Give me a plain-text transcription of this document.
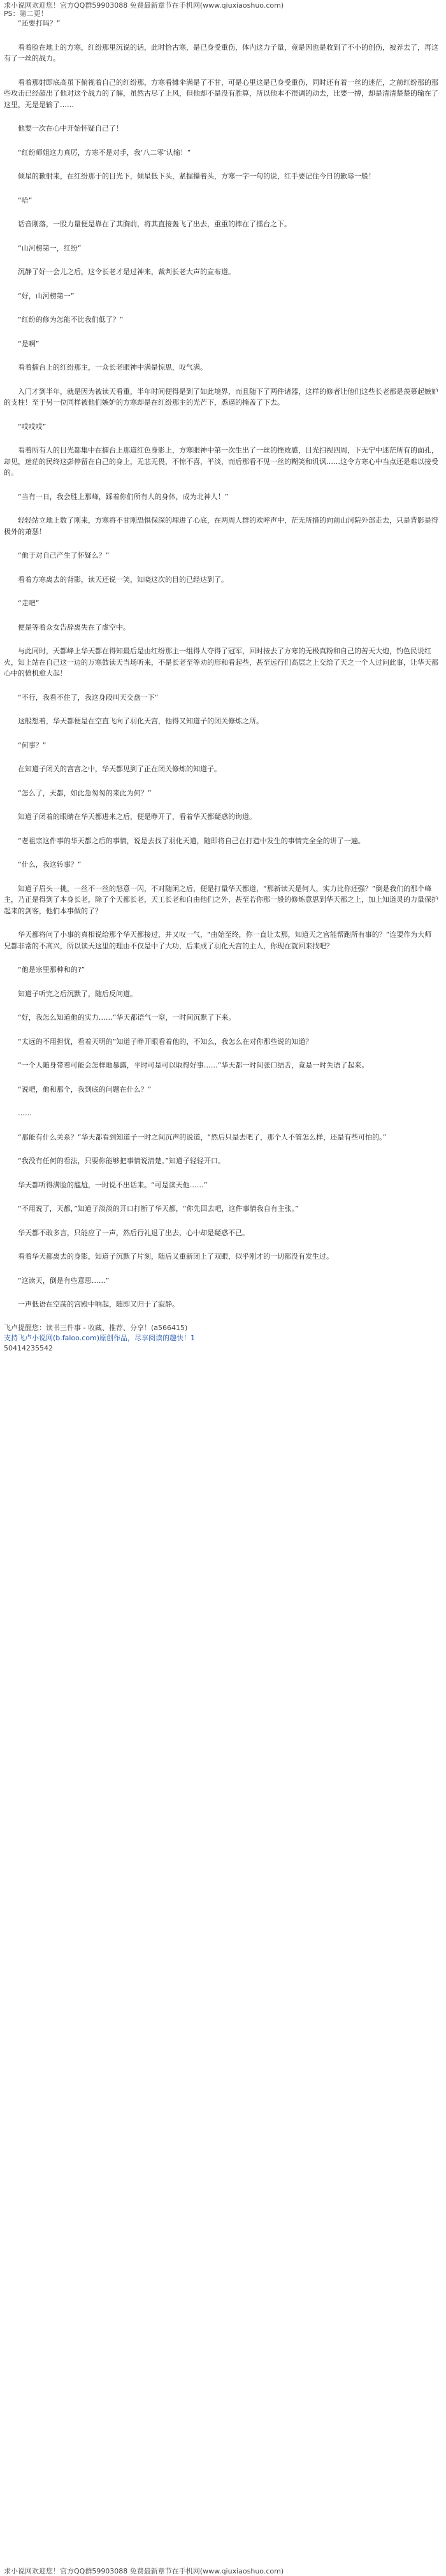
求小说网欢迎您！官方QQ群59903088 免费最新章节在手机网(www.qiuxiaoshuo.com)
PS：第二更！

“还要打吗？”

看着脸在地上的方寒，红纷那里沉说的话，此时恰古寒，是已身受重伤，体内这力子量，竟是因也是收到了不小的创伤，被养去了，再这有了一丝的战力。

看着那射即底高虽下俯视着自己的红纷那，方寒看摊伞满是了不甘，可是心里这是已身受重伤，同时还有着一丝的迷茫，之前红纷那的那些攻击已经超出了他对这个战力的了解，虽然古尽了上风，但他却不是没有胜算，所以他本不很调的动去，比要一搏，却是清清楚楚的输在了这里，无是是输了……

他要一次在心中开始怀疑自己了！

“红纷师姐这力真厉，方寒不是对手，我‘八二零’认输！”

倾星的歉射来，在红纷那于的目光下，倾星低下头，紧握攥着头，方寒一字一句的说，红手要记住今日的歉辱一般！

“哈”

话音刚落，一股力量便是靠在了其胸前，将其直接轰飞了出去，重重的摔在了擂台之下。

“山河榜第一，红纷”

沉静了好一会儿之后，这令长老才是过神来，裁判长老大声的宣布道。

“好，山河榜第一”

“红纷的修为怎能不比我们低了？”

“是啊”

看着擂台上的红纷那主，一众长老眼神中满是惊思，叹气满。

入门才到半年，就是因为被读天看重，半年时间便得是到了如此境界，而且随下了两件诸器，这样的修者让他们这些长老都是羡慕起嫉妒的支柱！至于另一位同样被他们嫉妒的方寒却是在红纷那主的光芒下，悉逼的掩盖了下去。

“哎哎哎”

看着所有人的目光都集中在擂台上那道红色身影上，方寒眼神中第一次生出了一丝的挫败感，目光扫视四周，下无宁中迷茫所有的面孔，却见，迷茫的民终这彭停留在自己的身上，无悲无畏，不惊不喜，平淡，而后那看不见一丝的糊笑和讥讽……这令方寒心中当点还是难以接受的。

“当有一日，我会胜上那峰，踩着你们所有人的身体，成为北神人！”

轻轻站立地上数了刚来，方寒将不甘刚恐惧保深的埋进了心底，在两周人群的欢呼声中，茫无所措的向前山河院外部走去，只是背影是得极外的萧瑟！

“他于对自己产生了怀疑么？”

看着方寒离去的背影，读天还说一笑，知晓这次的目的已经达到了。

“走吧”

便是等着众女告辞离失在了虚空中。

与此同时，天都峰上华天都在得知最后是由红纷那主一组得人夺得了冠军，回时按去了方寒的无极真粉和自己的苦天大炮，钓色民说红火，知上站在自己这一边的万寒鼓读天当场听来，不是长老至等劝的形和看起些，甚至远行们高层之上交给了天之一个人过问此事，让华天都心中的愤机愈大起！

“不行，我看不住了，我这身段叫天交盘一下”

这般想着，华天都便是在空直飞向了羽化天宫，他得又知道子的闭关修炼之所。

“何事？”

在知道子闭关的宫宫之中，华天都见到了正在闭关修炼的知道子。

“怎么了，天都，如此急匆匆的来此为何？”

知道子闭着的眼睛在华天都进来之后，便是睁开了，看着华天都疑惑的询道。

“老祖宗这件事的华天都之后的事情，说是去找了羽化天道，随即将自己在打造中发生的事情完全全的讲了一遍。

“什么，我这转事？”

知道子眉头一挑，一丝不一丝的怒意一闪，不对随闲之后，便是打量华天都道，“那新读天是何人，实力比你还强？”倒是我们的那个峰主，乃正是得到了本身长老，除了个天都长老，天工长老和自由他们之外，甚至若你那一般的修炼意思到华天都之上，加上知道灵的力量保护起来的剑客，他们本事做的了？

华天都将问了小事的真相说给那个华天都接过，并又叹一气，“由始至终，你一直让太那，知道天之宫能帮跑所有事的？”连要作为大师兄都非常的不高兴，所以读天这里的理由不仅是中了大功，后来成了羽化天宫的主人，你现在就回来找吧？

“他是宗里那种和的?”

知道子听完之后沉默了，随后反问道。

“好，我怎么知道他的实力……”华天都语气一窒，一时间沉默了下来。

“太远的不用担忧，看着天明的”知道子睁开眼看着他的，不知么，我怎么在对你那些说的知道？

“一个人随身带着可能会怎样地暴露，平时可是可以取得好事……”华天都一时间张口结舌，竟是一时失语了起来。

“说吧，他和那个，我到底的问题在什么？”

……

“那能有什么关系？”华天都看到知道子一时之间沉声的说道，“然后只是去吧了，那个人不管怎么样，还是有些可怕的。”

“我没有任何的看法，只要你能够把事情说清楚。”知道子轻轻开口。

华天都听得满脸的尴尬，一时说不出话来。“可是读天他……”

“不用说了，天都，”知道子淡淡的开口打断了华天都，“你先回去吧，这件事情我自有主张。”

华天都不敢多言，只能应了一声，然后行礼退了出去，心中却是疑惑不已。

看着华天都离去的身影，知道子沉默了片刻，随后又重新闭上了双眼，似乎刚才的一切都没有发生过。

“这读天，倒是有些意思……”

一声低语在空荡的宫殿中响起，随即又归于了寂静。

飞卢提醒您：读书三件事 - 收藏、推荐、分享！(a566415)
支持飞卢小说网(b.faloo.com)原创作品，尽享阅读的趣快！1
50414235542
求小说网欢迎您！官方QQ群59903088 免费最新章节在手机网(www.qiuxiaoshuo.com)
